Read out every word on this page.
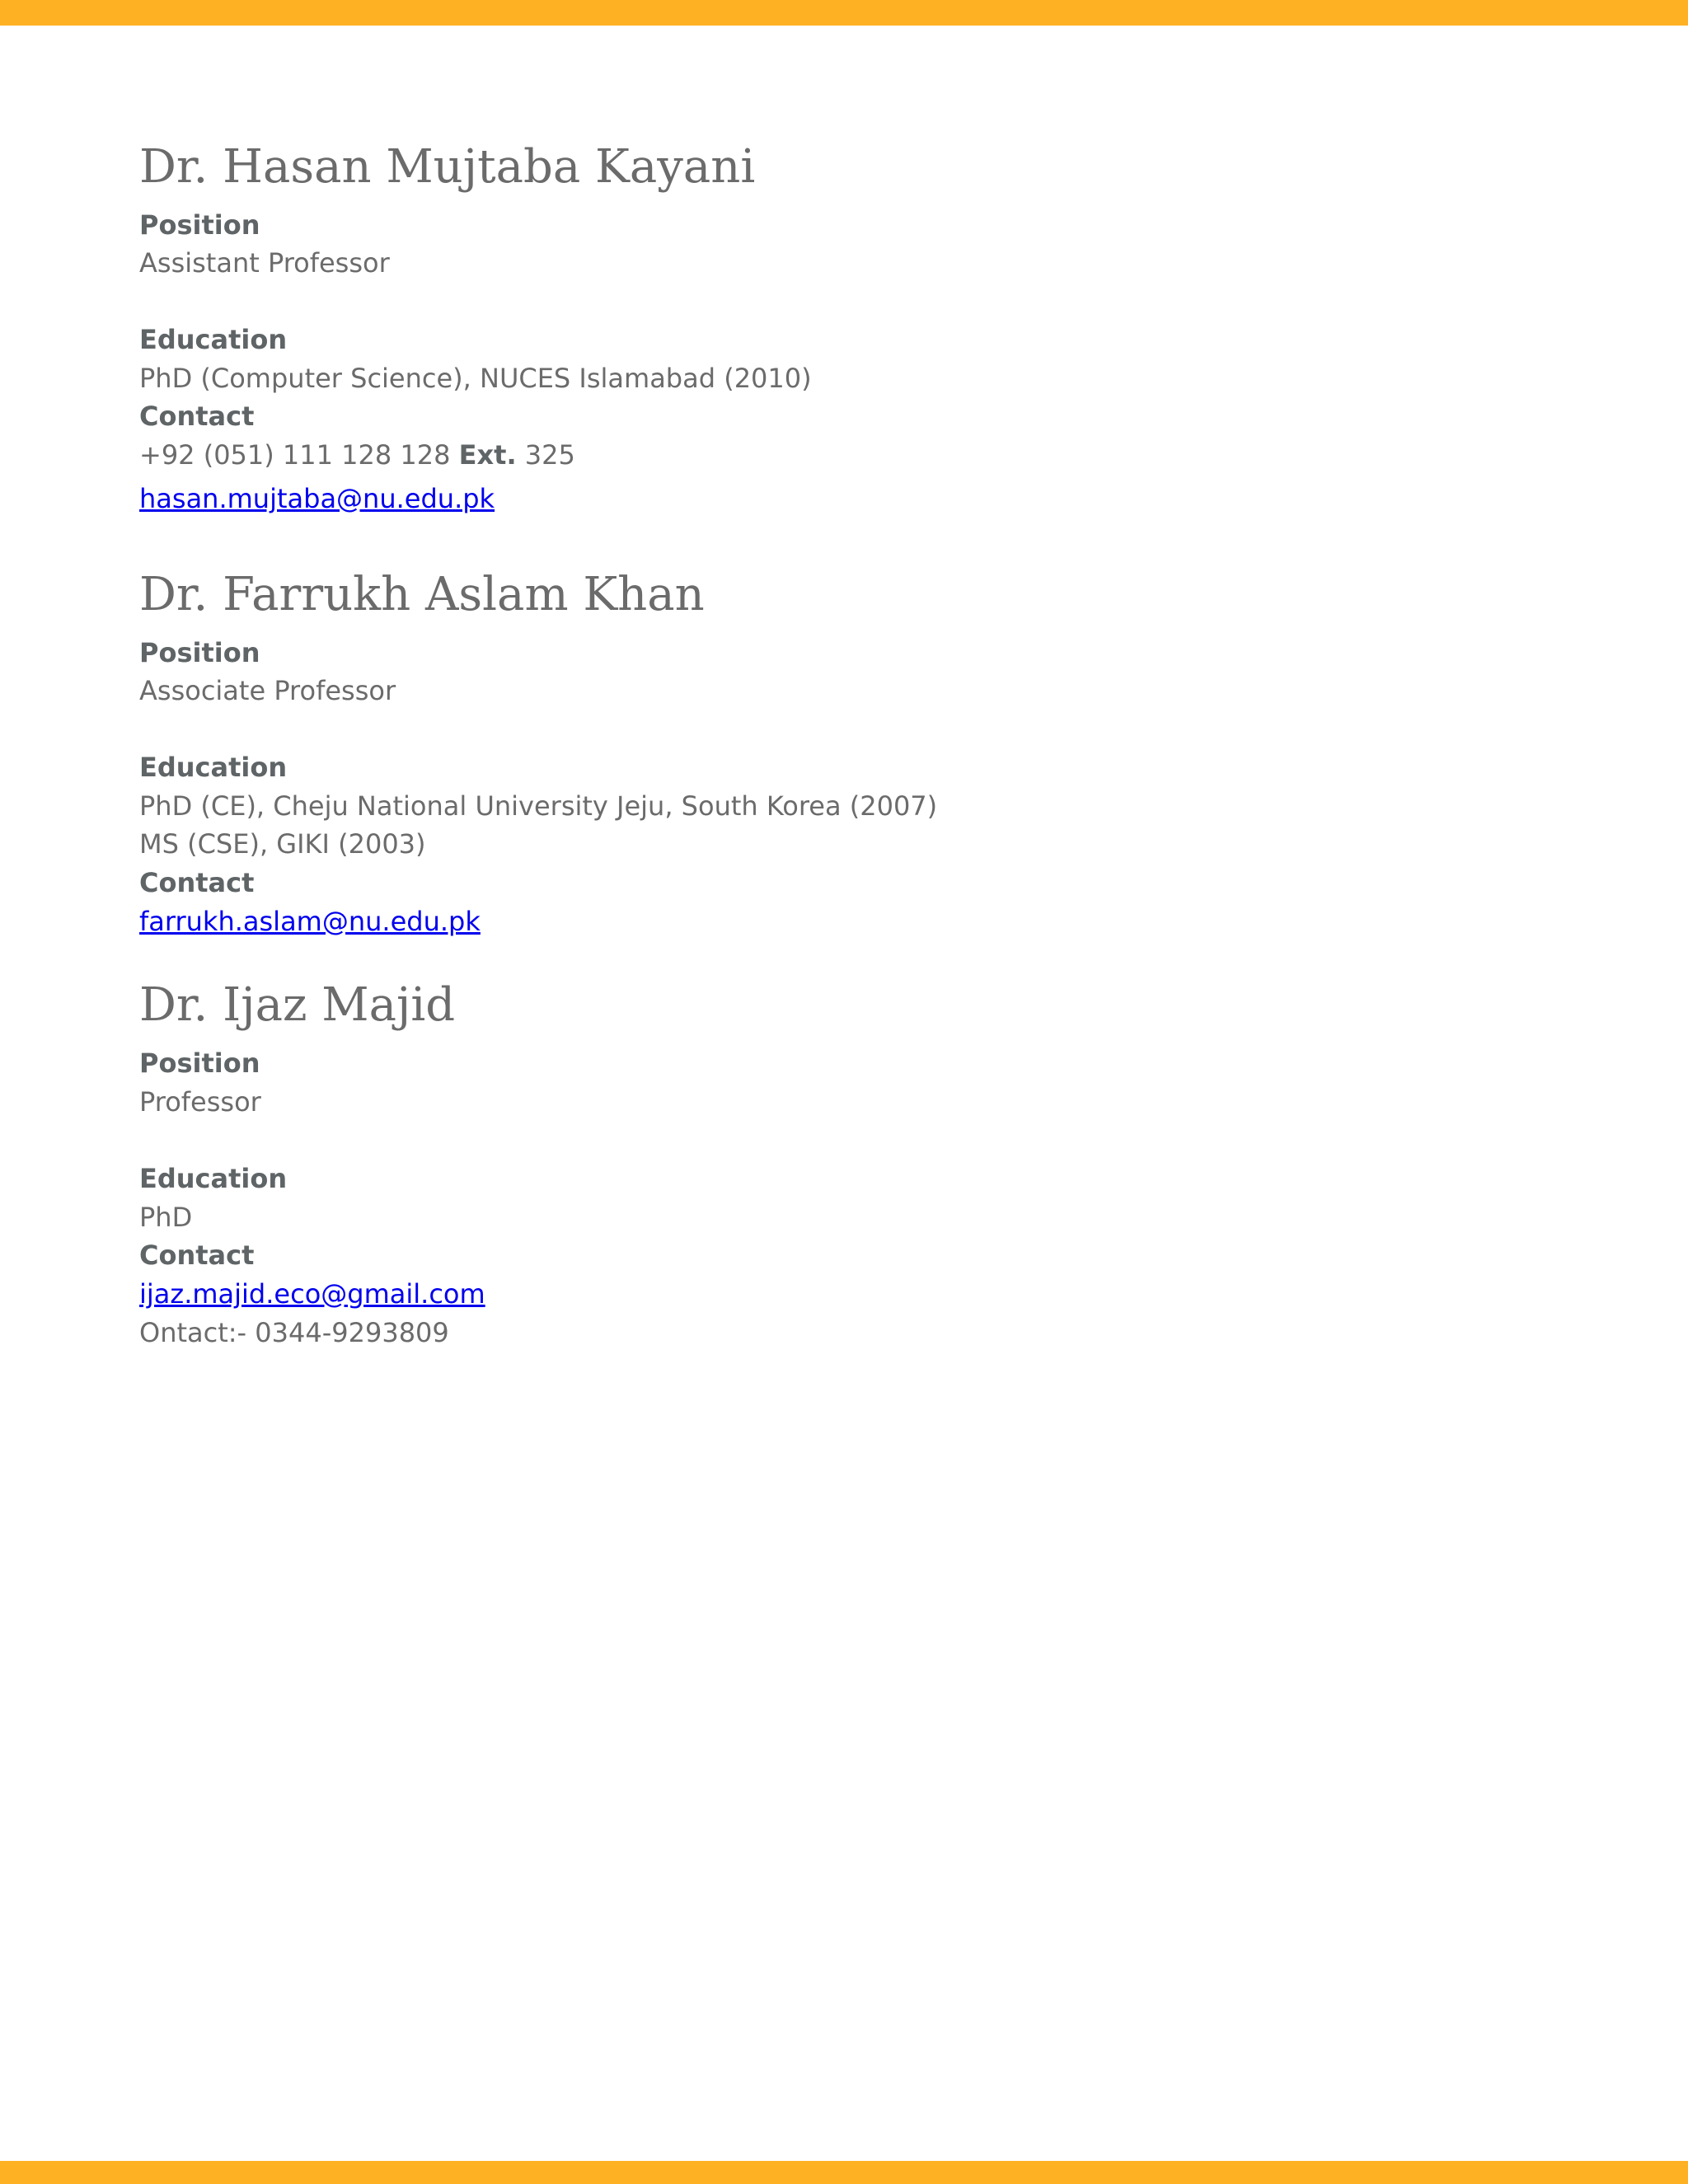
Dr. Hasan Mujtaba Kayani
Position
Assistant Professor
Education
PhD (Computer Science), NUCES Islamabad (2010)
Contact
+92 (051) 111 128 128 Ext. 325
hasan.mujtaba@nu.edu.pk
Dr. Farrukh Aslam Khan
Position
Associate Professor
Education
PhD (CE), Cheju National University Jeju, South Korea (2007)
MS (CSE), GIKI (2003)
Contact
farrukh.aslam@nu.edu.pk
Dr. Ijaz Majid
Position
Professor
Education
PhD
Contact
ijaz.majid.eco@gmail.com
Ontact:- 0344-9293809
